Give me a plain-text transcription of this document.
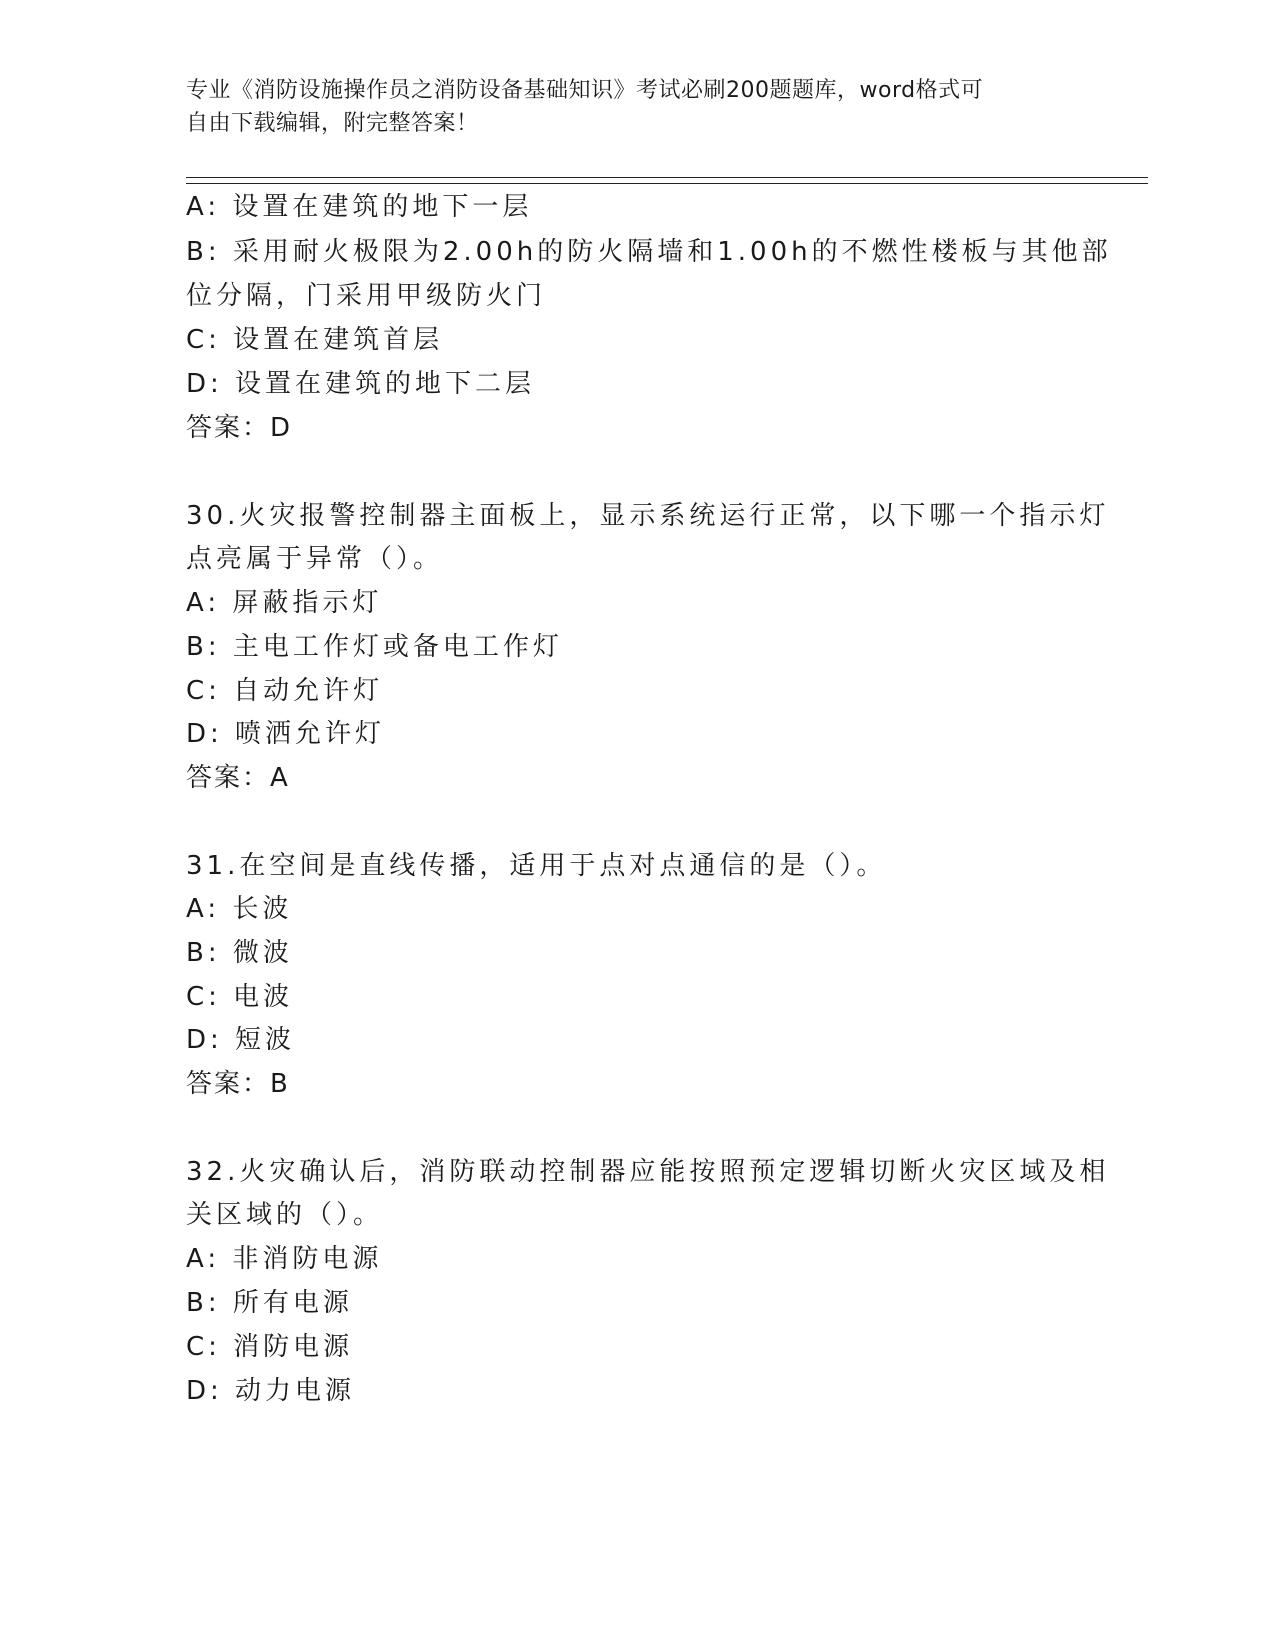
专业《消防设施操作员之消防设备基础知识》考试必刷200题题库，word格式可
自由下载编辑，附完整答案！
A: 设置在建筑的地下一层
B: 采用耐火极限为2.00h的防火隔墙和1.00h的不燃性楼板与其他部
位分隔，门采用甲级防火门
C: 设置在建筑首层
D: 设置在建筑的地下二层
答案：D
30.火灾报警控制器主面板上，显示系统运行正常，以下哪一个指示灯
点亮属于异常（）。
A: 屏蔽指示灯
B: 主电工作灯或备电工作灯
C: 自动允许灯
D: 喷洒允许灯
答案：A
31.在空间是直线传播，适用于点对点通信的是（）。
A: 长波
B: 微波
C: 电波
D: 短波
答案：B
32.火灾确认后，消防联动控制器应能按照预定逻辑切断火灾区域及相
关区域的（）。
A: 非消防电源
B: 所有电源
C: 消防电源
D: 动力电源
